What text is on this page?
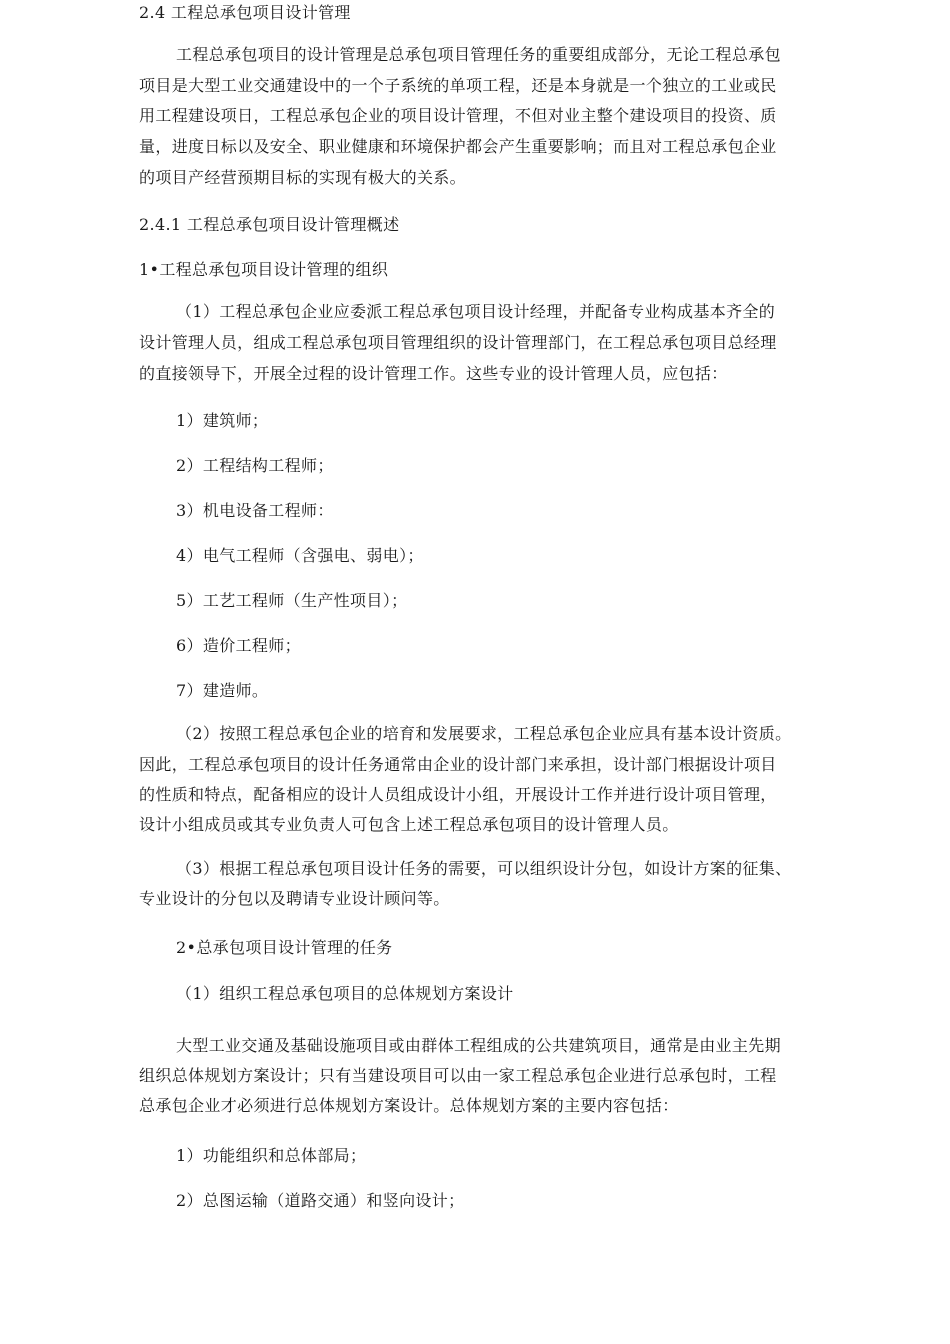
2.4 工程总承包项目设计管理

工程总承包项目的设计管理是总承包项目管理任务的重要组成部分，无论工程总承包

项目是大型工业交通建设中的一个子系统的单项工程，还是本身就是一个独立的工业或民

用工程建设项日，工程总承包企业的项目设计管理，不但对业主整个建设项目的投资、质

量，进度日标以及安全、职业健康和环境保护都会产生重要影响；而且对工程总承包企业

的项目产经营预期目标的实现有极大的关系。

2.4.1 工程总承包项目设计管理概述

1•工程总承包项目设计管理的组织

（1）工程总承包企业应委派工程总承包项目设计经理，并配备专业构成基本齐全的

设计管理人员，组成工程总承包项目管理组织的设计管理部门，在工程总承包项目总经理

的直接领导下，开展全过程的设计管理工作。这些专业的设计管理人员，应包括：

1）建筑师；

2）工程结构工程师；

3）机电设备工程师：

4）电气工程师（含强电、弱电）；

5）工艺工程师（生产性项目）；

6）造价工程师；

7）建造师。

（2）按照工程总承包企业的培育和发展要求，工程总承包企业应具有基本设计资质。

因此，工程总承包项目的设计任务通常由企业的设计部门来承担，设计部门根据设计项目

的性质和特点，配备相应的设计人员组成设计小组，开展设计工作并进行设计项目管理，

设计小组成员或其专业负责人可包含上述工程总承包项目的设计管理人员。

（3）根据工程总承包项目设计任务的需要，可以组织设计分包，如设计方案的征集、

专业设计的分包以及聘请专业设计顾问等。

2•总承包项目设计管理的任务

（1）组织工程总承包项目的总体规划方案设计

大型工业交通及基础设施项目或由群体工程组成的公共建筑项目，通常是由业主先期

组织总体规划方案设计；只有当建设项目可以由一家工程总承包企业进行总承包时，工程

总承包企业才必须进行总体规划方案设计。总体规划方案的主要内容包括：

1）功能组织和总体部局；

2）总图运输（道路交通）和竖向设计；
